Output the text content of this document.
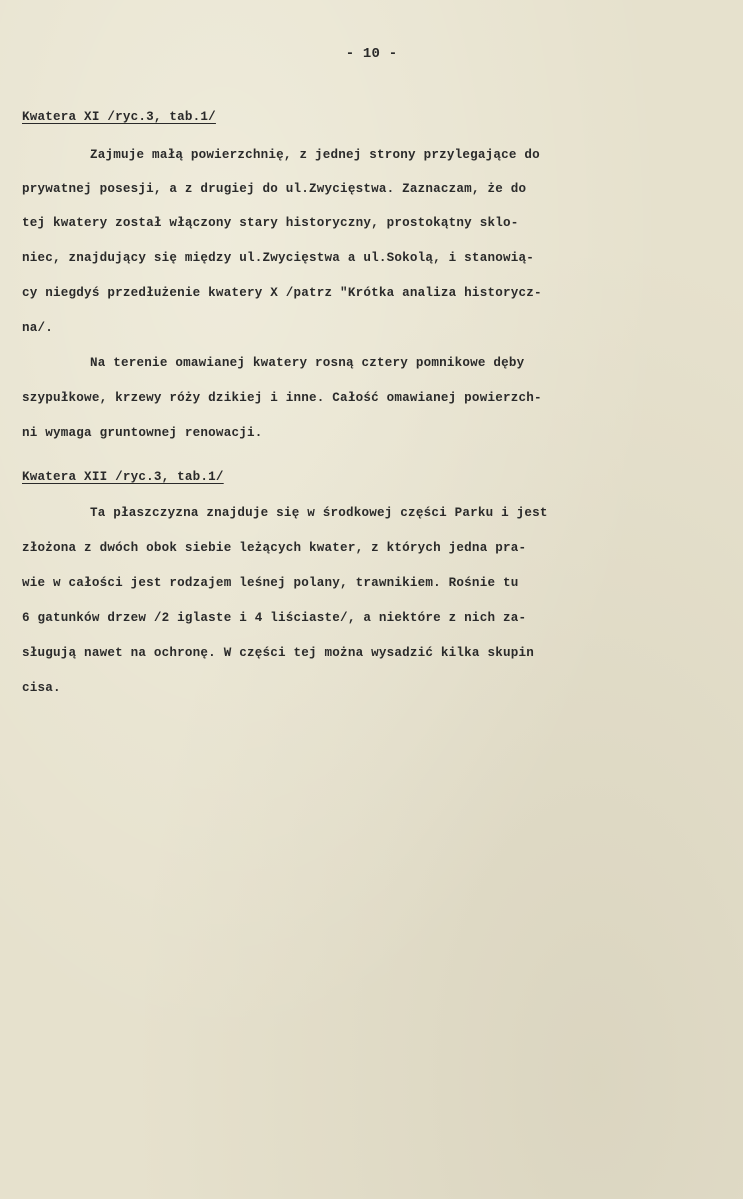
- 10 -
Kwatera XI /ryc.3, tab.1/
Zajmuje małą powierzchnię, z jednej strony przylegające do
prywatnej posesji, a z drugiej do ul.Zwycięstwa. Zaznaczam, że do
tej kwatery został włączony stary historyczny, prostokątny sklo-
niec, znajdujący się między ul.Zwycięstwa a ul.Sokolą, i stanowią-
cy niegdyś przedłużenie kwatery X /patrz "Krótka analiza historycz-
na/.
Na terenie omawianej kwatery rosną cztery pomnikowe dęby
szypułkowe, krzewy róży dzikiej i inne. Całość omawianej powierzch-
ni wymaga gruntownej renowacji.
Kwatera XII /ryc.3, tab.1/
Ta płaszczyzna znajduje się w środkowej części Parku i jest
złożona z dwóch obok siebie leżących kwater, z których jedna pra-
wie w całości jest rodzajem leśnej polany, trawnikiem. Rośnie tu
6 gatunków drzew /2 iglaste i 4 liściaste/, a niektóre z nich za-
sługują nawet na ochronę. W części tej można wysadzić kilka skupin
cisa.
